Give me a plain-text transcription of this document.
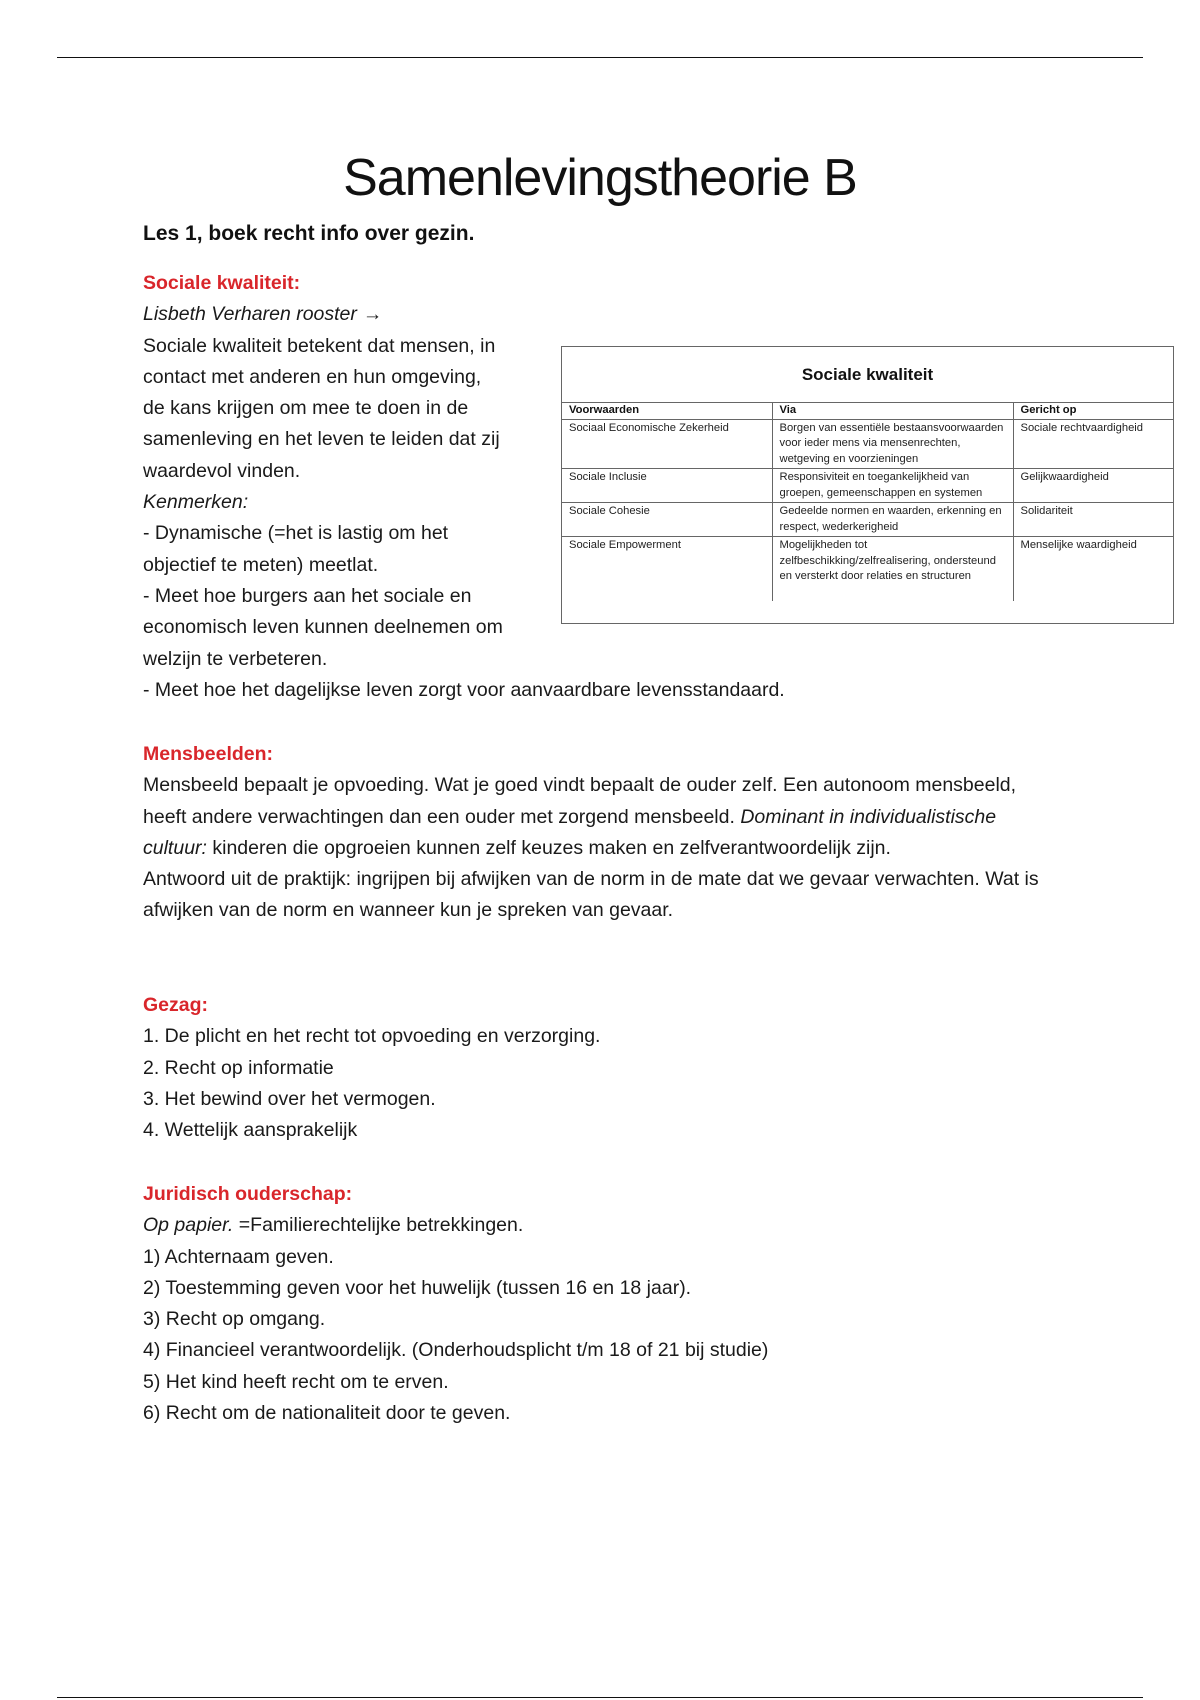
Samenlevingstheorie B
Les 1, boek recht info over gezin.

Sociale kwaliteit:

Lisbeth Verharen rooster →

Sociale kwaliteit betekent dat mensen, in

contact met anderen en hun omgeving,

de kans krijgen om mee te doen in de

samenleving en het leven te leiden dat zij

waardevol vinden.

Kenmerken:

- Dynamische (=het is lastig om het

objectief te meten) meetlat.

- Meet hoe burgers aan het sociale en

economisch leven kunnen deelnemen om

welzijn te verbeteren.

- Meet hoe het dagelijkse leven zorgt voor aanvaardbare levensstandaard.

Sociale kwaliteit
Voorwaarden	Via	Gericht op
Sociaal Economische Zekerheid	Borgen van essentiële bestaansvoorwaarden voor ieder mens via mensenrechten, wetgeving en voorzieningen	Sociale rechtvaardigheid
Sociale Inclusie	Responsiviteit en toegankelijkheid van groepen, gemeenschappen en systemen	Gelijkwaardigheid
Sociale Cohesie	Gedeelde normen en waarden, erkenning en respect, wederkerigheid	Solidariteit
Sociale Empowerment	Mogelijkheden tot zelfbeschikking/zelfrealisering, ondersteund en versterkt door relaties en structuren	Menselijke waardigheid

Mensbeelden:

Mensbeeld bepaalt je opvoeding. Wat je goed vindt bepaalt de ouder zelf. Een autonoom mensbeeld, heeft andere verwachtingen dan een ouder met zorgend mensbeeld. Dominant in individualistische cultuur: kinderen die opgroeien kunnen zelf keuzes maken en zelfverantwoordelijk zijn.

Antwoord uit de praktijk: ingrijpen bij afwijken van de norm in de mate dat we gevaar verwachten. Wat is afwijken van de norm en wanneer kun je spreken van gevaar.

Gezag:

1. De plicht en het recht tot opvoeding en verzorging.

2. Recht op informatie

3. Het bewind over het vermogen.

4. Wettelijk aansprakelijk

Juridisch ouderschap:

Op papier. =Familierechtelijke betrekkingen.

1) Achternaam geven.

2) Toestemming geven voor het huwelijk (tussen 16 en 18 jaar).

3) Recht op omgang.

4) Financieel verantwoordelijk. (Onderhoudsplicht t/m 18 of 21 bij studie)

5) Het kind heeft recht om te erven.

6) Recht om de nationaliteit door te geven.
